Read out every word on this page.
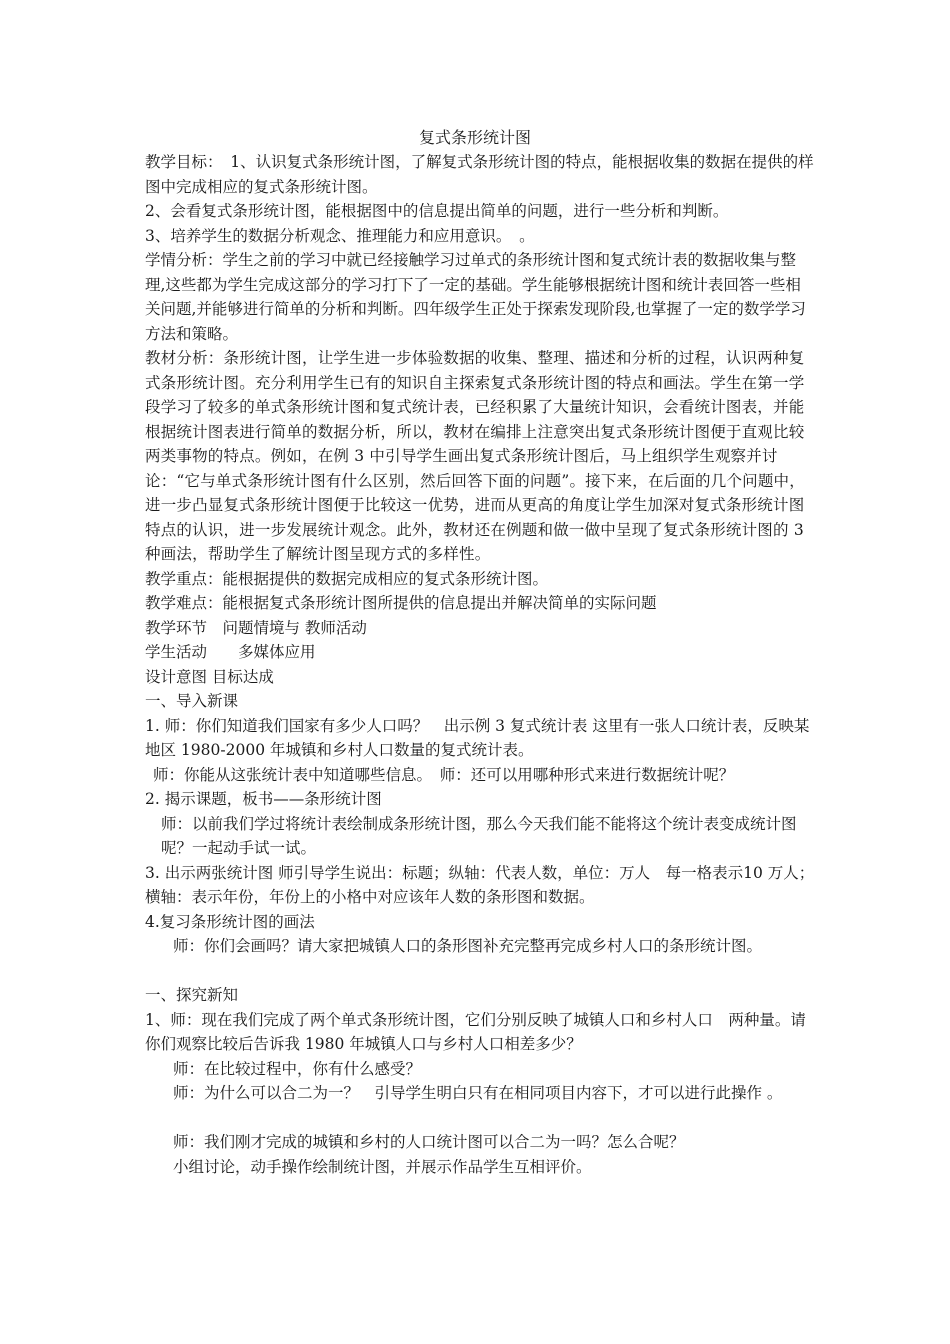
复式条形统计图

教学目标：　1、认识复式条形统计图，了解复式条形统计图的特点，能根据收集的数据在提供的样图中完成相应的复式条形统计图。

2、会看复式条形统计图，能根据图中的信息提出简单的问题，进行一些分析和判断。

3、培养学生的数据分析观念、推理能力和应用意识。　。

学情分析：学生之前的学习中就已经接触学习过单式的条形统计图和复式统计表的数据收集与整理,这些都为学生完成这部分的学习打下了一定的基础。学生能够根据统计图和统计表回答一些相关问题,并能够进行简单的分析和判断。四年级学生正处于探索发现阶段,也掌握了一定的数学学习方法和策略。

教材分析：条形统计图，让学生进一步体验数据的收集、整理、描述和分析的过程，认识两种复式条形统计图。充分利用学生已有的知识自主探索复式条形统计图的特点和画法。学生在第一学段学习了较多的单式条形统计图和复式统计表，已经积累了大量统计知识，会看统计图表，并能根据统计图表进行简单的数据分析，所以，教材在编排上注意突出复式条形统计图便于直观比较两类事物的特点。例如，在例 3 中引导学生画出复式条形统计图后，马上组织学生观察并讨论：“它与单式条形统计图有什么区别，然后回答下面的问题”。接下来，在后面的几个问题中，进一步凸显复式条形统计图便于比较这一优势，进而从更高的角度让学生加深对复式条形统计图特点的认识，进一步发展统计观念。此外，教材还在例题和做一做中呈现了复式条形统计图的 3 种画法，帮助学生了解统计图呈现方式的多样性。

教学重点：能根据提供的数据完成相应的复式条形统计图。

教学难点：能根据复式条形统计图所提供的信息提出并解决简单的实际问题

教学环节　问题情境与 教师活动

学生活动　　多媒体应用

设计意图 目标达成

一、导入新课

1. 师：你们知道我们国家有多少人口吗？　出示例 3 复式统计表 这里有一张人口统计表，反映某地区 1980-2000 年城镇和乡村人口数量的复式统计表。

师：你能从这张统计表中知道哪些信息。　师：还可以用哪种形式来进行数据统计呢？

2. 揭示课题，板书——条形统计图

师：以前我们学过将统计表绘制成条形统计图，那么今天我们能不能将这个统计表变成统计图呢？一起动手试一试。

3. 出示两张统计图 师引导学生说出：标题；纵轴：代表人数，单位：万人　每一格表示10 万人；横轴：表示年份，年份上的小格中对应该年人数的条形图和数据。

4.复习条形统计图的画法

师：你们会画吗？请大家把城镇人口的条形图补充完整再完成乡村人口的条形统计图。

一、探究新知

1、师：现在我们完成了两个单式条形统计图，它们分别反映了城镇人口和乡村人口　两种量。请你们观察比较后告诉我 1980 年城镇人口与乡村人口相差多少？

师：在比较过程中，你有什么感受？

师：为什么可以合二为一？　引导学生明白只有在相同项目内容下，才可以进行此操作 。

师：我们刚才完成的城镇和乡村的人口统计图可以合二为一吗？怎么合呢？

小组讨论，动手操作绘制统计图，并展示作品学生互相评价。
